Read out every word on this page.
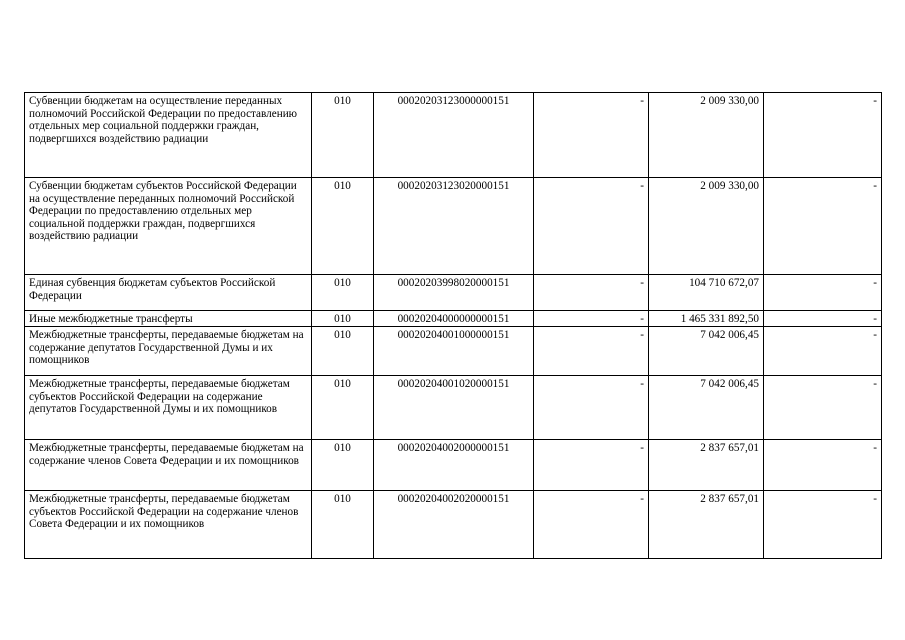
Субвенции бюджетам на осуществление переданных полномочий Российской Федерации по предоставлению отдельных мер социальной поддержки граждан, подвергшихся воздействию радиации	010	00020203123000000151	-	2 009 330,00	-
Субвенции бюджетам субъектов Российской Федерации на осуществление переданных полномочий Российской Федерации по предоставлению отдельных мер социальной поддержки граждан, подвергшихся воздействию радиации	010	00020203123020000151	-	2 009 330,00	-
Единая субвенция бюджетам субъектов Российской Федерации	010	00020203998020000151	-	104 710 672,07	-
Иные межбюджетные трансферты	010	00020204000000000151	-	1 465 331 892,50	-
Межбюджетные трансферты, передаваемые бюджетам на содержание депутатов Государственной Думы и их помощников	010	00020204001000000151	-	7 042 006,45	-
Межбюджетные трансферты, передаваемые бюджетам субъектов Российской Федерации на содержание депутатов Государственной Думы и их помощников	010	00020204001020000151	-	7 042 006,45	-
Межбюджетные трансферты, передаваемые бюджетам на содержание членов Совета Федерации и их помощников	010	00020204002000000151	-	2 837 657,01	-
Межбюджетные трансферты, передаваемые бюджетам субъектов Российской Федерации на содержание членов Совета Федерации и их помощников	010	00020204002020000151	-	2 837 657,01	-
